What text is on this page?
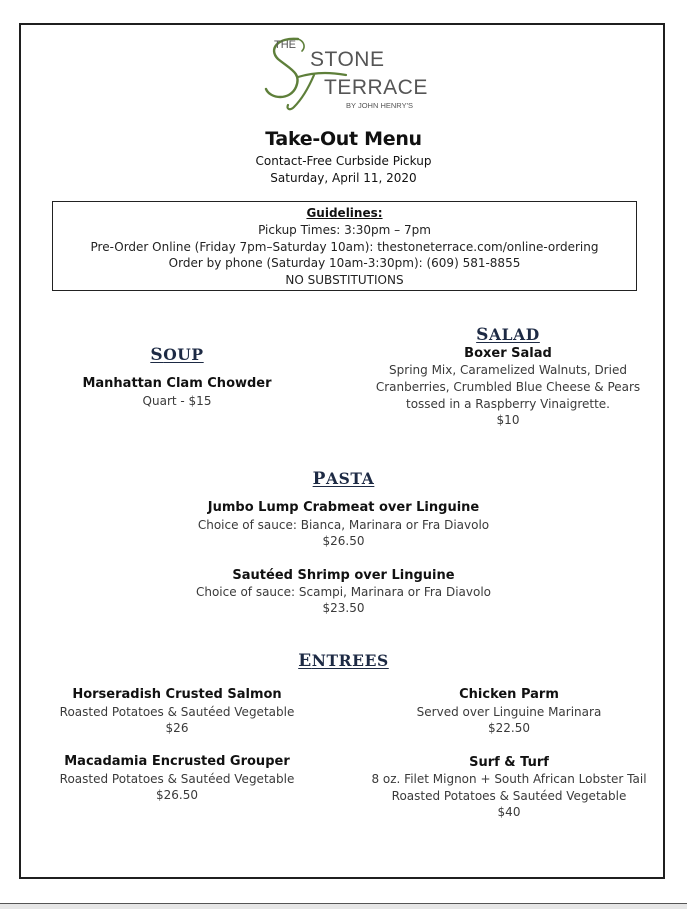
THE
STONE
TERRACE
BY JOHN HENRY'S
Take-Out Menu
Contact-Free Curbside Pickup
Saturday, April 11, 2020
Guidelines:
Pickup Times: 3:30pm – 7pm
Pre-Order Online (Friday 7pm–Saturday 10am): thestoneterrace.com/online-ordering
Order by phone (Saturday 10am-3:30pm): (609) 581-8855
NO SUBSTITUTIONS
SOUP
Manhattan Clam Chowder
Quart - $15
SALAD
Boxer Salad
Spring Mix, Caramelized Walnuts, Dried
Cranberries, Crumbled Blue Cheese & Pears
tossed in a Raspberry Vinaigrette.
$10
PASTA
Jumbo Lump Crabmeat over Linguine
Choice of sauce: Bianca, Marinara or Fra Diavolo
$26.50
Sautéed Shrimp over Linguine
Choice of sauce: Scampi, Marinara or Fra Diavolo
$23.50
ENTREES
Horseradish Crusted Salmon
Roasted Potatoes & Sautéed Vegetable
$26
Chicken Parm
Served over Linguine Marinara
$22.50
Macadamia Encrusted Grouper
Roasted Potatoes & Sautéed Vegetable
$26.50
Surf & Turf
8 oz. Filet Mignon + South African Lobster Tail
Roasted Potatoes & Sautéed Vegetable
$40
